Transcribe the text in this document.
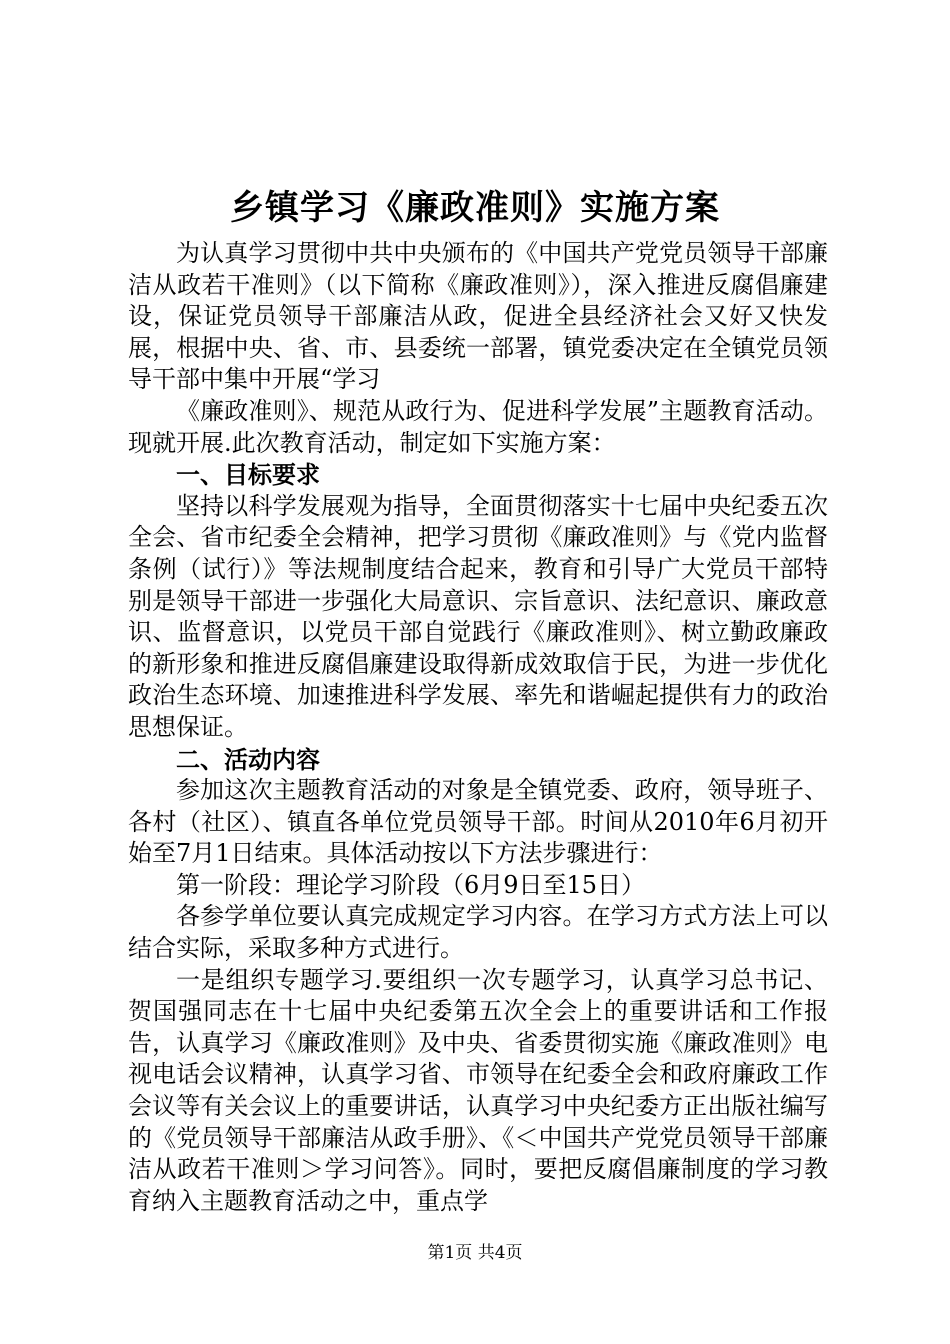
乡镇学习《廉政准则》实施方案

为认真学习贯彻中共中央颁布的《中国共产党党员领导干部廉洁从政若干准则》（以下简称《廉政准则》），深入推进反腐倡廉建设，保证党员领导干部廉洁从政，促进全县经济社会又好又快发展，根据中央、省、市、县委统一部署，镇党委决定在全镇党员领导干部中集中开展“学习

《廉政准则》、规范从政行为、促进科学发展”主题教育活动。现就开展.此次教育活动，制定如下实施方案：

一、目标要求

坚持以科学发展观为指导，全面贯彻落实十七届中央纪委五次全会、省市纪委全会精神，把学习贯彻《廉政准则》与《党内监督条例（试行）》等法规制度结合起来，教育和引导广大党员干部特别是领导干部进一步强化大局意识、宗旨意识、法纪意识、廉政意识、监督意识，以党员干部自觉践行《廉政准则》、树立勤政廉政的新形象和推进反腐倡廉建设取得新成效取信于民，为进一步优化政治生态环境、加速推进科学发展、率先和谐崛起提供有力的政治思想保证。

二、活动内容

参加这次主题教育活动的对象是全镇党委、政府，领导班子、各村（社区）、镇直各单位党员领导干部。时间从2010年6月初开始至7月1日结束。具体活动按以下方法步骤进行：

第一阶段：理论学习阶段（6月9日至15日）

各参学单位要认真完成规定学习内容。在学习方式方法上可以结合实际，采取多种方式进行。

一是组织专题学习.要组织一次专题学习，认真学习总书记、贺国强同志在十七届中央纪委第五次全会上的重要讲话和工作报告，认真学习《廉政准则》及中央、省委贯彻实施《廉政准则》电视电话会议精神，认真学习省、市领导在纪委全会和政府廉政工作会议等有关会议上的重要讲话，认真学习中央纪委方正出版社编写的《党员领导干部廉洁从政手册》、《＜中国共产党党员领导干部廉洁从政若干准则＞学习问答》。同时，要把反腐倡廉制度的学习教育纳入主题教育活动之中，重点学

第1页 共4页
